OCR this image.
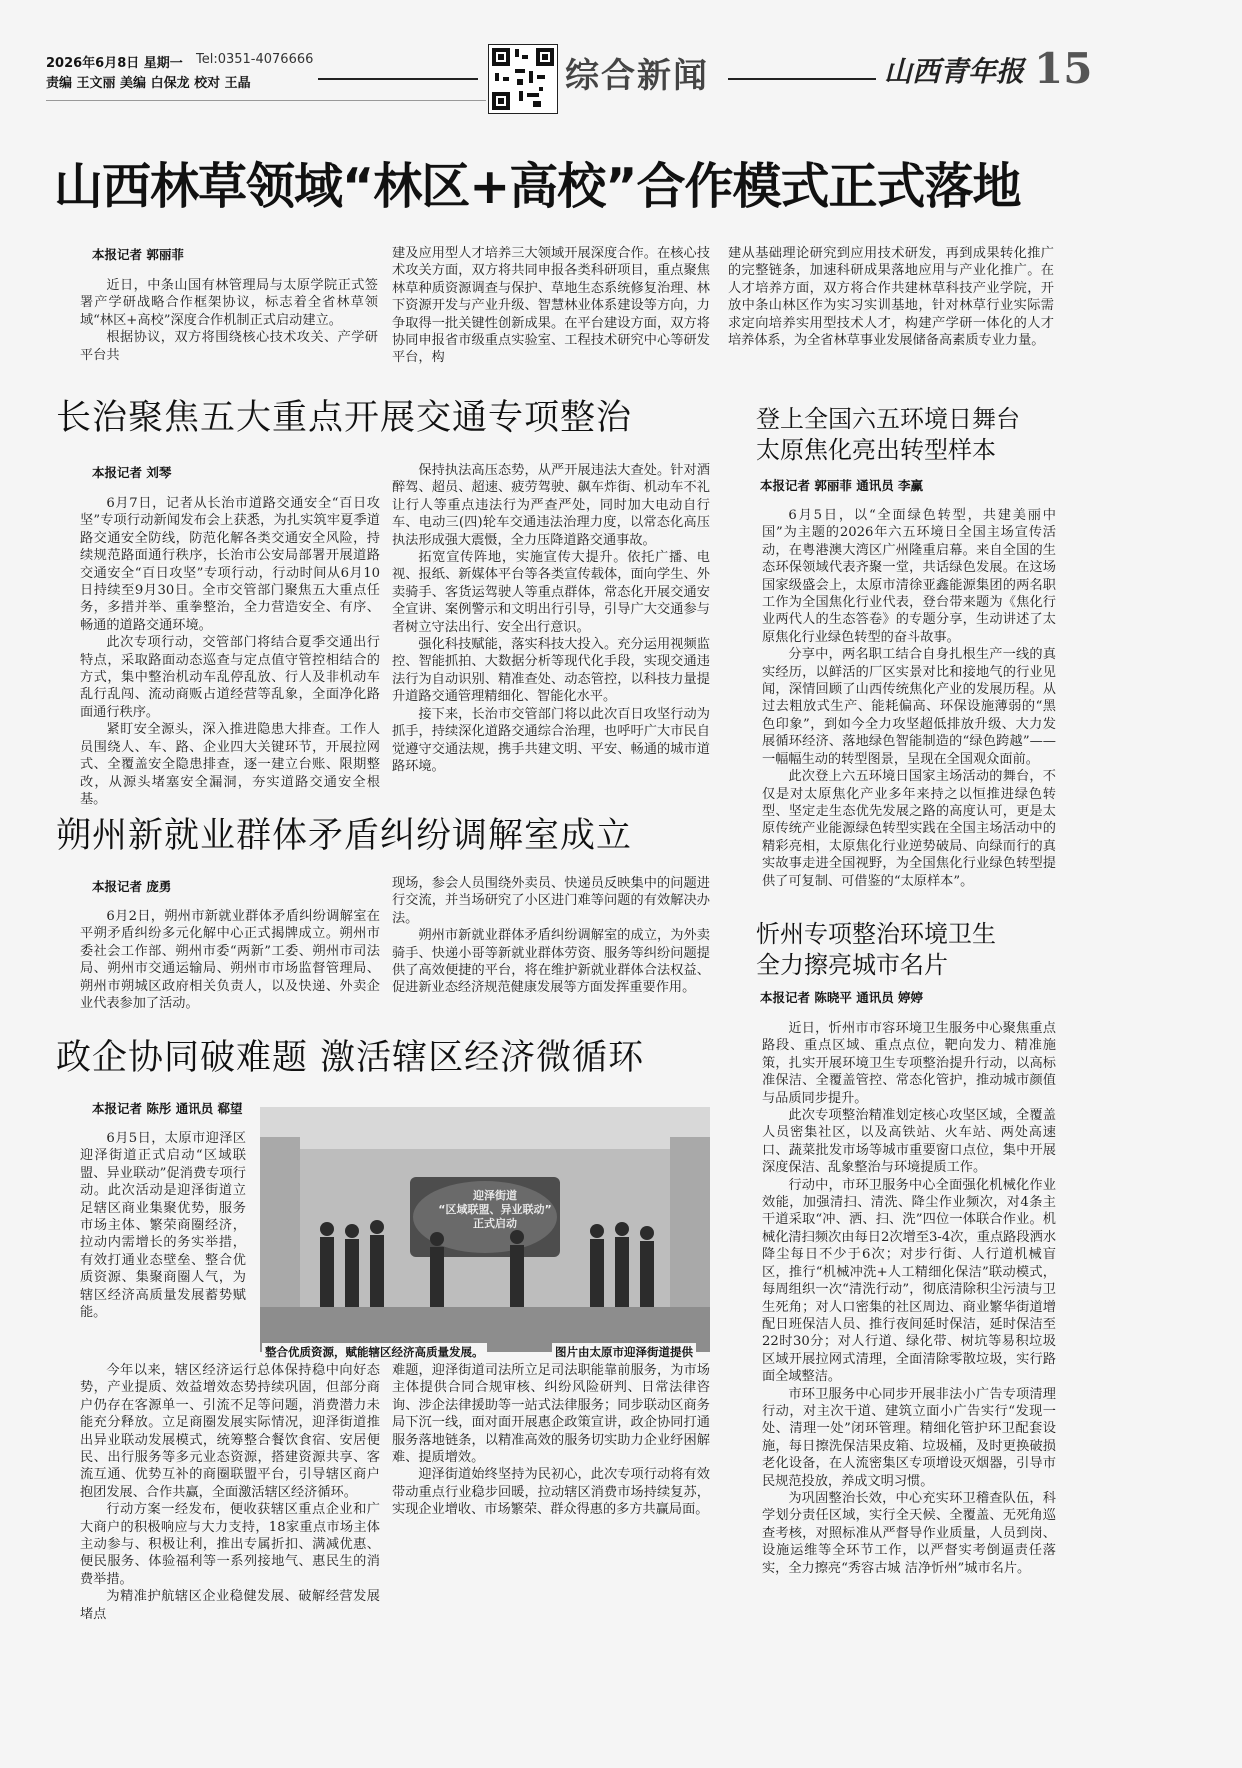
2026年6月8日 星期一 Tel:0351-4076666
责编 王文丽 美编 白保龙 校对 王晶	综合新闻	山西青年报 15
山西林草领域“林区+高校”合作模式正式落地
本报记者 郭丽菲

近日，中条山国有林管理局与太原学院正式签署产学研战略合作框架协议，标志着全省林草领域“林区+高校”深度合作机制正式启动建立。

根据协议，双方将围绕核心技术攻关、产学研平台共

建及应用型人才培养三大领域开展深度合作。在核心技术攻关方面，双方将共同申报各类科研项目，重点聚焦林草种质资源调查与保护、草地生态系统修复治理、林下资源开发与产业升级、智慧林业体系建设等方向，力争取得一批关键性创新成果。在平台建设方面，双方将协同申报省市级重点实验室、工程技术研究中心等研发平台，构

建从基础理论研究到应用技术研发，再到成果转化推广的完整链条，加速科研成果落地应用与产业化推广。在人才培养方面，双方将合作共建林草科技产业学院，开放中条山林区作为实习实训基地，针对林草行业实际需求定向培养实用型技术人才，构建产学研一体化的人才培养体系，为全省林草事业发展储备高素质专业力量。

长治聚焦五大重点开展交通专项整治
本报记者 刘琴

6月7日，记者从长治市道路交通安全“百日攻坚”专项行动新闻发布会上获悉，为扎实筑牢夏季道路交通安全防线，防范化解各类交通安全风险，持续规范路面通行秩序，长治市公安局部署开展道路交通安全“百日攻坚”专项行动，行动时间从6月10日持续至9月30日。全市交管部门聚焦五大重点任务，多措并举、重拳整治，全力营造安全、有序、畅通的道路交通环境。

此次专项行动，交管部门将结合夏季交通出行特点，采取路面动态巡查与定点值守管控相结合的方式，集中整治机动车乱停乱放、行人及非机动车乱行乱闯、流动商贩占道经营等乱象，全面净化路面通行秩序。

紧盯安全源头，深入推进隐患大排查。工作人员围绕人、车、路、企业四大关键环节，开展拉网式、全覆盖安全隐患排查，逐一建立台账、限期整改，从源头堵塞安全漏洞，夯实道路交通安全根基。

保持执法高压态势，从严开展违法大查处。针对酒醉驾、超员、超速、疲劳驾驶、飙车炸街、机动车不礼让行人等重点违法行为严查严处，同时加大电动自行车、电动三(四)轮车交通违法治理力度，以常态化高压执法形成强大震慑，全力压降道路交通事故。

拓宽宣传阵地，实施宣传大提升。依托广播、电视、报纸、新媒体平台等各类宣传载体，面向学生、外卖骑手、客货运驾驶人等重点群体，常态化开展交通安全宣讲、案例警示和文明出行引导，引导广大交通参与者树立守法出行、安全出行意识。

强化科技赋能，落实科技大投入。充分运用视频监控、智能抓拍、大数据分析等现代化手段，实现交通违法行为自动识别、精准查处、动态管控，以科技力量提升道路交通管理精细化、智能化水平。

接下来，长治市交管部门将以此次百日攻坚行动为抓手，持续深化道路交通综合治理，也呼吁广大市民自觉遵守交通法规，携手共建文明、平安、畅通的城市道路环境。

登上全国六五环境日舞台
太原焦化亮出转型样本
本报记者 郭丽菲 通讯员 李赢

6月5日，以“全面绿色转型，共建美丽中国”为主题的2026年六五环境日全国主场宣传活动，在粤港澳大湾区广州隆重启幕。来自全国的生态环保领域代表齐聚一堂，共话绿色发展。在这场国家级盛会上，太原市清徐亚鑫能源集团的两名职工作为全国焦化行业代表，登台带来题为《焦化行业两代人的生态答卷》的专题分享，生动讲述了太原焦化行业绿色转型的奋斗故事。

分享中，两名职工结合自身扎根生产一线的真实经历，以鲜活的厂区实景对比和接地气的行业见闻，深情回顾了山西传统焦化产业的发展历程。从过去粗放式生产、能耗偏高、环保设施薄弱的“黑色印象”，到如今全力攻坚超低排放升级、大力发展循环经济、落地绿色智能制造的“绿色跨越”——一幅幅生动的转型图景，呈现在全国观众面前。

此次登上六五环境日国家主场活动的舞台，不仅是对太原焦化产业多年来持之以恒推进绿色转型、坚定走生态优先发展之路的高度认可，更是太原传统产业能源绿色转型实践在全国主场活动中的精彩亮相，太原焦化行业逆势破局、向绿而行的真实故事走进全国视野，为全国焦化行业绿色转型提供了可复制、可借鉴的“太原样本”。

朔州新就业群体矛盾纠纷调解室成立
本报记者 庞勇

6月2日，朔州市新就业群体矛盾纠纷调解室在平朔矛盾纠纷多元化解中心正式揭牌成立。朔州市委社会工作部、朔州市委“两新”工委、朔州市司法局、朔州市交通运输局、朔州市市场监督管理局、朔州市朔城区政府相关负责人，以及快递、外卖企业代表参加了活动。

现场，参会人员围绕外卖员、快递员反映集中的问题进行交流，并当场研究了小区进门难等问题的有效解决办法。

朔州市新就业群体矛盾纠纷调解室的成立，为外卖骑手、快递小哥等新就业群体劳资、服务等纠纷问题提供了高效便捷的平台，将在维护新就业群体合法权益、促进新业态经济规范健康发展等方面发挥重要作用。

忻州专项整治环境卫生
全力擦亮城市名片
本报记者 陈晓平 通讯员 婷婷

近日，忻州市市容环境卫生服务中心聚焦重点路段、重点区域、重点点位，靶向发力、精准施策，扎实开展环境卫生专项整治提升行动，以高标准保洁、全覆盖管控、常态化管护，推动城市颜值与品质同步提升。

此次专项整治精准划定核心攻坚区域，全覆盖人员密集社区，以及高铁站、火车站、两处高速口、蔬菜批发市场等城市重要窗口点位，集中开展深度保洁、乱象整治与环境提质工作。

行动中，市环卫服务中心全面强化机械化作业效能，加强清扫、清洗、降尘作业频次，对4条主干道采取“冲、洒、扫、洗”四位一体联合作业。机械化清扫频次由每日2次增至3-4次，重点路段洒水降尘每日不少于6次；对步行街、人行道机械盲区，推行“机械冲洗+人工精细化保洁”联动模式，每周组织一次“清洗行动”，彻底清除积尘污渍与卫生死角；对人口密集的社区周边、商业繁华街道增配日班保洁人员、推行夜间延时保洁，延时保洁至22时30分；对人行道、绿化带、树坑等易积垃圾区域开展拉网式清理，全面清除零散垃圾，实行路面全域整洁。

市环卫服务中心同步开展非法小广告专项清理行动，对主次干道、建筑立面小广告实行“发现一处、清理一处”闭环管理。精细化管护环卫配套设施，每日擦洗保洁果皮箱、垃圾桶，及时更换破损老化设备，在人流密集区专项增设灭烟器，引导市民规范投放，养成文明习惯。

为巩固整治长效，中心充实环卫稽查队伍，科学划分责任区域，实行全天候、全覆盖、无死角巡查考核，对照标准从严督导作业质量，人员到岗、设施运维等全环节工作，以严督实考倒逼责任落实，全力擦亮“秀容古城 洁净忻州”城市名片。

政企协同破难题 激活辖区经济微循环
本报记者 陈彤 通讯员 郗望

6月5日，太原市迎泽区迎泽街道正式启动“区域联盟、异业联动”促消费专项行动。此次活动是迎泽街道立足辖区商业集聚优势，服务市场主体、繁荣商圈经济，拉动内需增长的务实举措，有效打通业态壁垒、整合优质资源、集聚商圈人气，为辖区经济高质量发展蓄势赋能。

迎泽街道
“区域联盟、异业联动”
正式启动
整合优质资源，赋能辖区经济高质量发展。	图片由太原市迎泽街道提供

今年以来，辖区经济运行总体保持稳中向好态势，产业提质、效益增效态势持续巩固，但部分商户仍存在客源单一、引流不足等问题，消费潜力未能充分释放。立足商圈发展实际情况，迎泽街道推出异业联动发展模式，统筹整合餐饮食宿、安居便民、出行服务等多元业态资源，搭建资源共享、客流互通、优势互补的商圈联盟平台，引导辖区商户抱团发展、合作共赢，全面激活辖区经济循环。

行动方案一经发布，便收获辖区重点企业和广大商户的积极响应与大力支持，18家重点市场主体主动参与、积极让利，推出专属折扣、满减优惠、便民服务、体验福利等一系列接地气、惠民生的消费举措。

为精准护航辖区企业稳健发展、破解经营发展堵点

难题，迎泽街道司法所立足司法职能靠前服务，为市场主体提供合同合规审核、纠纷风险研判、日常法律咨询、涉企法律援助等一站式法律服务；同步联动区商务局下沉一线，面对面开展惠企政策宣讲，政企协同打通服务落地链条，以精准高效的服务切实助力企业纾困解难、提质增效。

迎泽街道始终坚持为民初心，此次专项行动将有效带动重点行业稳步回暖，拉动辖区消费市场持续复苏，实现企业增收、市场繁荣、群众得惠的多方共赢局面。
